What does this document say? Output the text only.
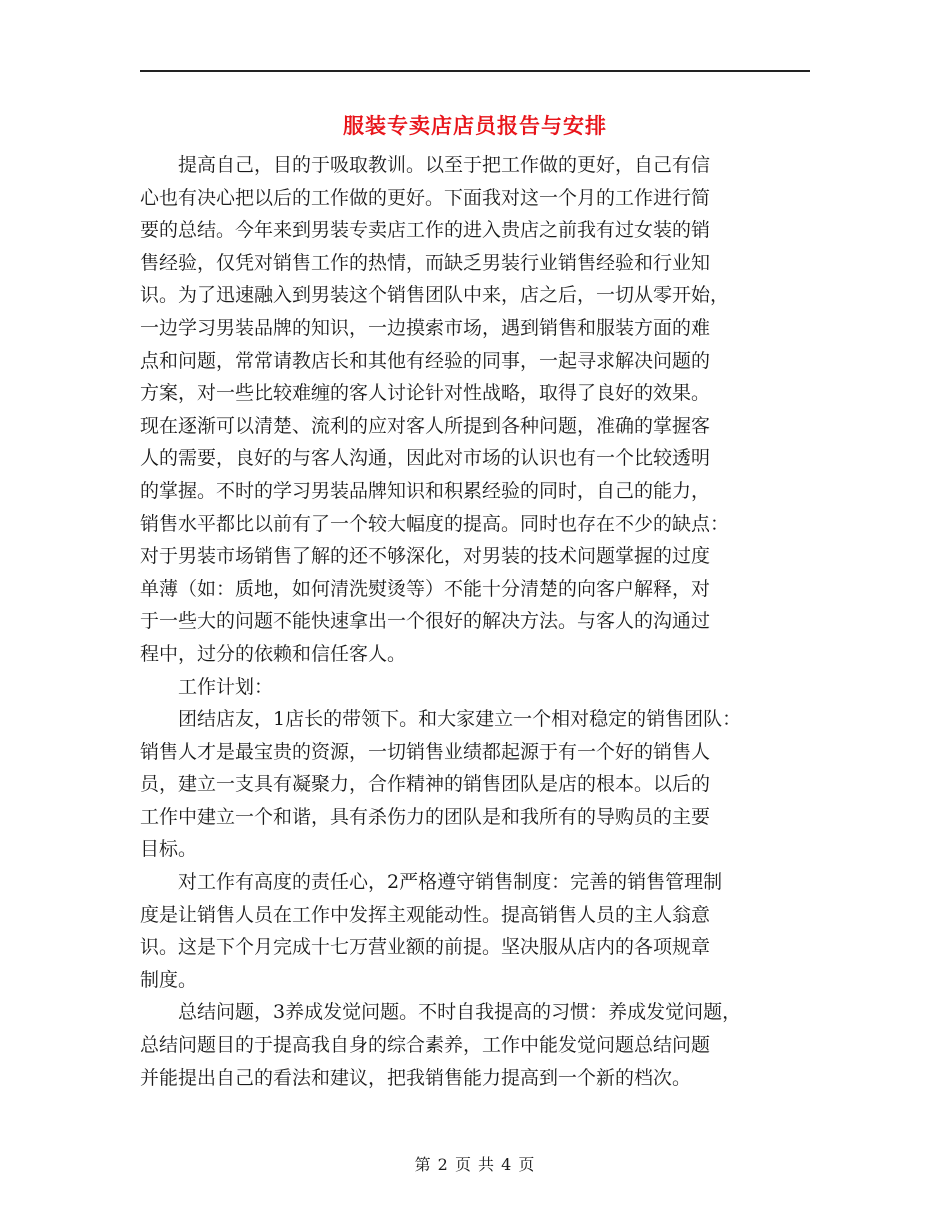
服装专卖店店员报告与安排
　　提高自己，目的于吸取教训。以至于把工作做的更好，自己有信
心也有决心把以后的工作做的更好。下面我对这一个月的工作进行简
要的总结。今年来到男装专卖店工作的进入贵店之前我有过女装的销
售经验，仅凭对销售工作的热情，而缺乏男装行业销售经验和行业知
识。为了迅速融入到男装这个销售团队中来，店之后，一切从零开始，
一边学习男装品牌的知识，一边摸索市场，遇到销售和服装方面的难
点和问题，常常请教店长和其他有经验的同事，一起寻求解决问题的
方案，对一些比较难缠的客人讨论针对性战略，取得了良好的效果。
现在逐渐可以清楚、流利的应对客人所提到各种问题，准确的掌握客
人的需要，良好的与客人沟通，因此对市场的认识也有一个比较透明
的掌握。不时的学习男装品牌知识和积累经验的同时，自己的能力，
销售水平都比以前有了一个较大幅度的提高。同时也存在不少的缺点：
对于男装市场销售了解的还不够深化，对男装的技术问题掌握的过度
单薄（如：质地，如何清洗熨烫等）不能十分清楚的向客户解释，对
于一些大的问题不能快速拿出一个很好的解决方法。与客人的沟通过
程中，过分的依赖和信任客人。
　　工作计划：
　　团结店友，1店长的带领下。和大家建立一个相对稳定的销售团队：
销售人才是最宝贵的资源，一切销售业绩都起源于有一个好的销售人
员，建立一支具有凝聚力，合作精神的销售团队是店的根本。以后的
工作中建立一个和谐，具有杀伤力的团队是和我所有的导购员的主要
目标。
　　对工作有高度的责任心，2严格遵守销售制度：完善的销售管理制
度是让销售人员在工作中发挥主观能动性。提高销售人员的主人翁意
识。这是下个月完成十七万营业额的前提。坚决服从店内的各项规章
制度。
　　总结问题，3养成发觉问题。不时自我提高的习惯：养成发觉问题，
总结问题目的于提高我自身的综合素养，工作中能发觉问题总结问题
并能提出自己的看法和建议，把我销售能力提高到一个新的档次。
第 2 页 共 4 页
